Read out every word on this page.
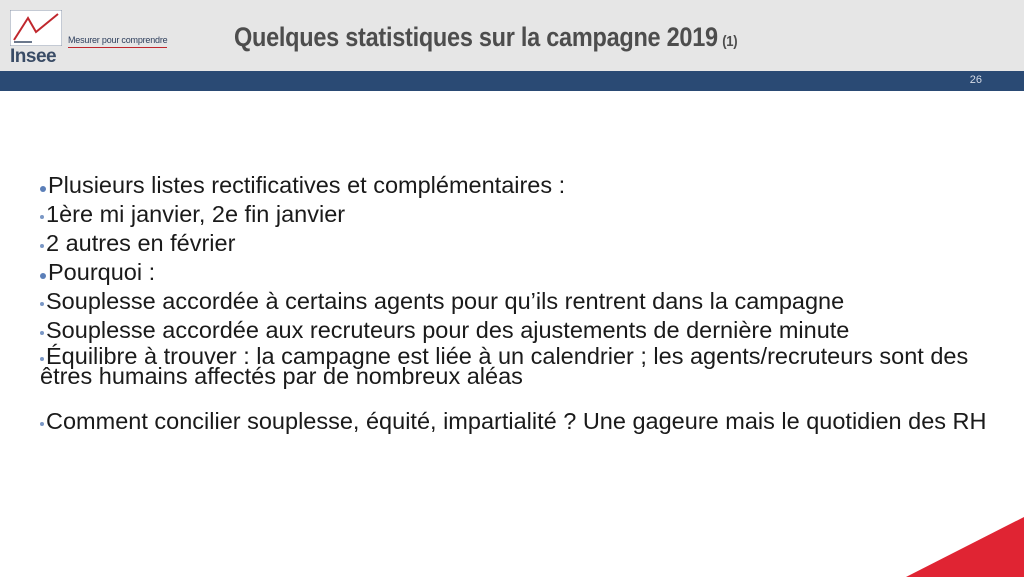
Insee
Mesurer pour comprendre Quelques statistiques sur la campagne 2019 (1)
26
Plusieurs listes rectificatives et complémentaires :
1ère mi janvier, 2e fin janvier
2 autres en février
Pourquoi :
Souplesse accordée à certains agents pour qu’ils rentrent dans la campagne
Souplesse accordée aux recruteurs pour des ajustements de dernière minute
Équilibre à trouver : la campagne est liée à un calendrier ; les agents/recruteurs sont des êtres humains affectés par de nombreux aléas
Comment concilier souplesse, équité, impartialité ? Une gageure mais le quotidien des RH
